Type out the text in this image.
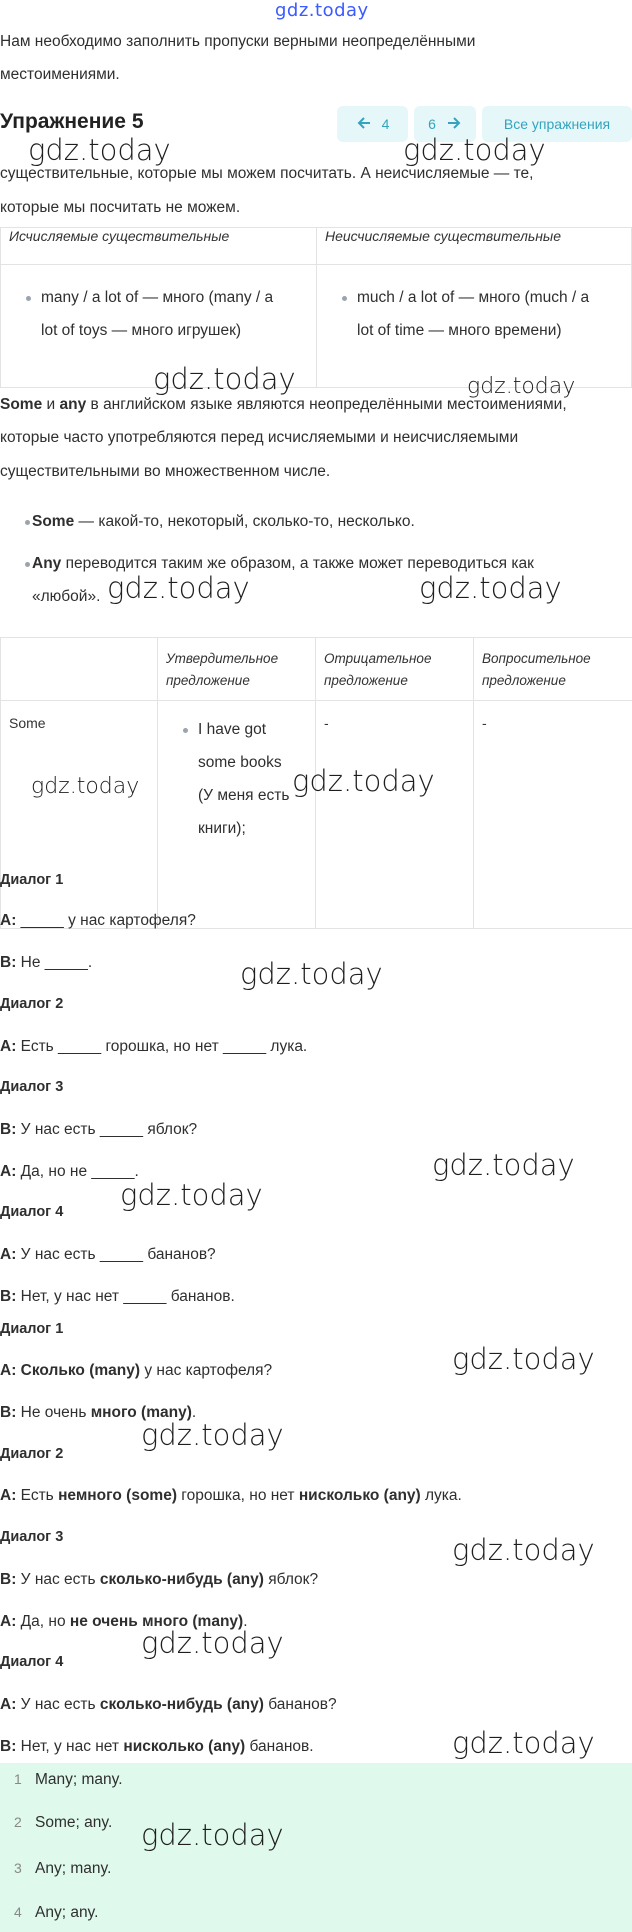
gdz.today
Нам необходимо заполнить пропуски верными неопределёнными
местоимениями.
Упражнение 5	4	6	Все упражнения
существительные, которые мы можем посчитать. А неисчисляемые — те,
которые мы посчитать не можем.
Исчисляемые существительные	Неисчисляемые существительные

many / a lot of — много (many / a
lot of toys — много игрушек)	much / a lot of — много (much / a
lot of time — много времени)
Some и any в английском языке являются неопределёнными местоимениями,
которые часто употребляются перед исчисляемыми и неисчисляемыми
существительными во множественном числе.
Some — какой-то, некоторый, сколько-то, несколько.
Any переводится таким же образом, а также может переводиться как
«любой».
	Утвердительное предложение	Отрицательное предложение	Вопросительное предложение
Some	I have got
some books
(У меня есть
книги);	-	-
Диалог 1
A: _____ у нас картофеля?
B: Не _____.
Диалог 2
A: Есть _____ горошка, но нет _____ лука.
Диалог 3
B: У нас есть _____ яблок?
A: Да, но не _____.
Диалог 4
A: У нас есть _____ бананов?
B: Нет, у нас нет _____ бананов.
Диалог 1
A: Сколько (many) у нас картофеля?
B: Не очень много (many).
Диалог 2
A: Есть немного (some) горошка, но нет нисколько (any) лука.
Диалог 3
B: У нас есть сколько-нибудь (any) яблок?
A: Да, но не очень много (many).
Диалог 4
A: У нас есть сколько-нибудь (any) бананов?
B: Нет, у нас нет нисколько (any) бананов.
1 Many; many.
2 Some; any.
3 Any; many.
4 Any; any.
gdz.today	gdz.today
gdz.today	gdz.today
gdz.today	gdz.today
gdz.today	gdz.today
gdz.today
gdz.today
gdz.today
gdz.today
gdz.today
gdz.today
gdz.today
gdz.today
gdz.today
